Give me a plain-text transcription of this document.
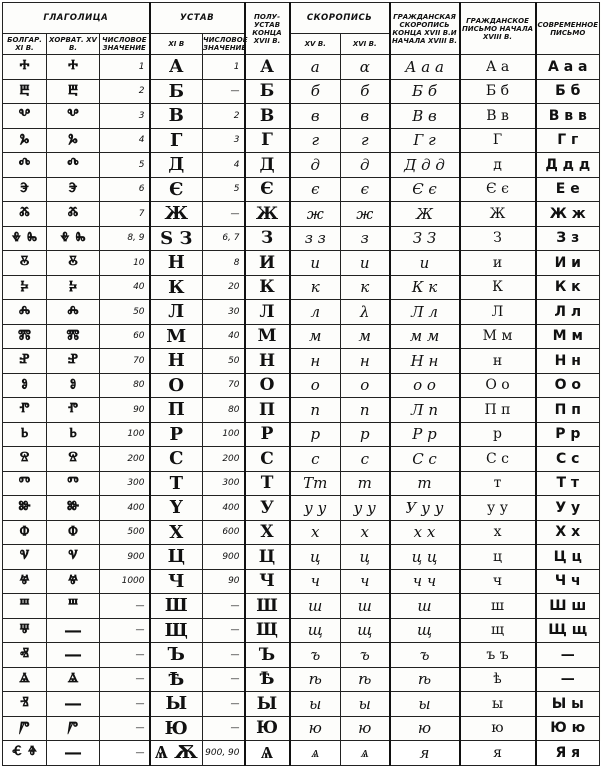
ГЛАГОЛИЦА			УСТАВ		ПОЛУ-УСТАВ КОНЦА XVII В.	СКОРОПИСЬ		ГРАЖДАНСКАЯ СКОРОПИСЬ КОНЦА XVII В.И НАЧАЛА XVIII В.	ГРАЖДАНСКОЕ ПИСЬМО НАЧАЛА XVIII В.	СОВРЕМЕННОЕ ПИСЬМО
БОЛГАР. XI В.	ХОРВАТ. XV В.	ЧИСЛОВОЕ ЗНАЧЕНИЕ	XI В	ЧИСЛОВОЕ ЗНАЧЕНИЕ		XV В.	XVI В.			
ⰰ	ⰰ	1	А	1	А	а	α	А а а	А а	А а а
ⰱ	ⰱ	2	Б	—	Б	б	б	Б б	Б б	Б б
ⰲ	ⰲ	3	В	2	В	в	в	В в	В в	В в в
ⰳ	ⰳ	4	Г	3	Г	г	г	Г г	Г	Г г
ⰴ	ⰴ	5	Д	4	Д	д	д	Д д д	д	Д д д
ⰵ	ⰵ	6	Є	5	Є	є	є	Є є	Є є	Е е
ⰶ	ⰶ	7	Ж	—	Ж	ж	ж	Ж	Ж	Ж ж
ⰷ ⰸ	ⰷ ⰸ	8, 9	Ѕ З	6, 7	З	з з	з	З З	З	З з
ⰻ	ⰻ	10	Н	8	И	и	и	и	и	И и
ⰽ	ⰽ	40	К	20	К	к	к	К к	К	К к
ⰾ	ⰾ	50	Л	30	Л	л	λ	Л л	Л	Л л
ⰿ	ⰿ	60	М	40	М	м	м	м м	М м	М м
ⱀ	ⱀ	70	Н	50	Н	н	н	Н н	н	Н н
ⱁ	ⱁ	80	О	70	О	о	о	о о	О о	О о
ⱂ	ⱂ	90	П	80	П	п	п	Л п	П п	П п
ⱃ	ⱃ	100	Р	100	Р	р	р	Р р	р	Р р
ⱄ	ⱄ	200	С	200	С	с	с	С с	С с	С с
ⱅ	ⱅ	300	Т	300	Т	Тт	т	т	т	Т т
ⱆ	ⱆ	400	Ү	400	У	у у	у у	У у у	у у	У у
ⱇ	ⱇ	500	Х	600	Х	х	х	х х	х	Х х
ⱌ	ⱌ	900	Ц	900	Ц	ц	ц	ц ц	ц	Ц ц
ⱍ	ⱍ	1000	Ч	90	Ч	ч	ч	ч ч	ч	Ч ч
ⱎ	ⱎ	—	Ш	—	Ш	ш	ш	ш	ш	Ш ш
ⱋ	—	—	Щ	—	Щ	щ	щ	щ	щ	Щ щ
ⱏ	—	—	Ъ	—	Ъ	ъ	ъ	ъ	ъ ъ	—
ⱑ	ⱑ	—	Ѣ	—	Ѣ	ѣ	ѣ	ѣ	ѣ	—
ⱐ	—	—	Ы	—	Ы	ы	ы	ы	ы	Ы ы
ⱓ	ⱓ	—	Ю	—	Ю	ю	ю	ю	ю	Ю ю
ⱔ ⱖ	—	—	Ѧ Ѫ	900, 90	Ѧ	ѧ	ѧ	я	я	Я я
